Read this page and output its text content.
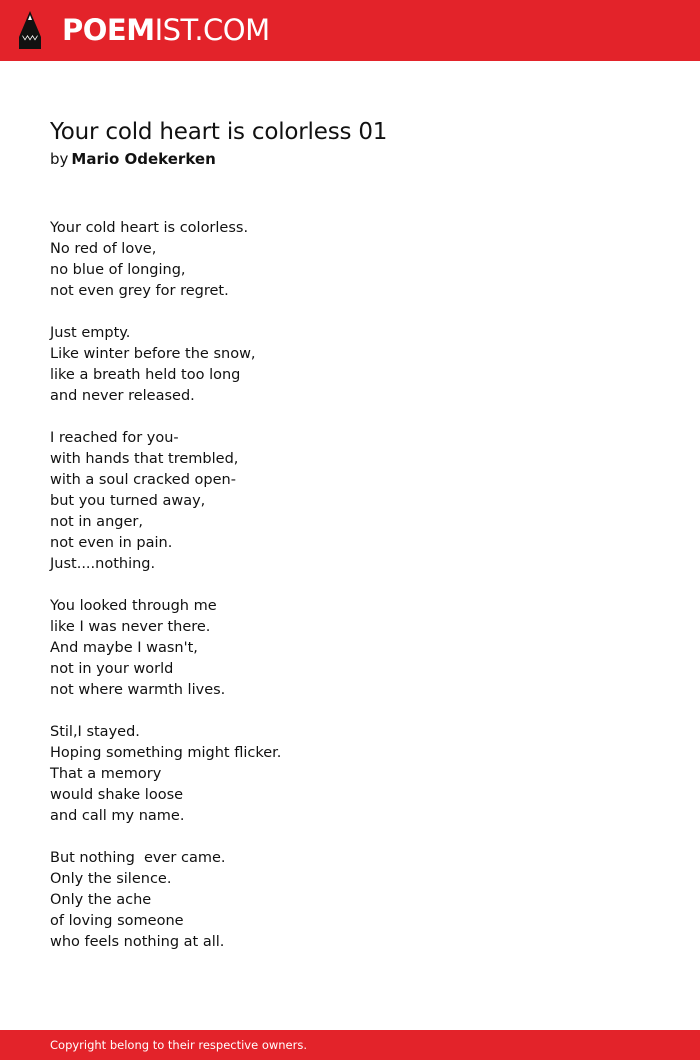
POEMIST.COM
Your cold heart is colorless 01
by Mario Odekerken
Your cold heart is colorless.
No red of love,
no blue of longing,
not even grey for regret.
Just empty.
Like winter before the snow,
like a breath held too long
and never released.
I reached for you-
with hands that trembled,
with a soul cracked open-
but you turned away,
not in anger,
not even in pain.
Just....nothing.
You looked through me
like I was never there.
And maybe I wasn't,
not in your world
not where warmth lives.
Stil,I stayed.
Hoping something might flicker.
That a memory
would shake loose
and call my name.
But nothing  ever came.
Only the silence.
Only the ache
of loving someone
who feels nothing at all.
Copyright belong to their respective owners.
